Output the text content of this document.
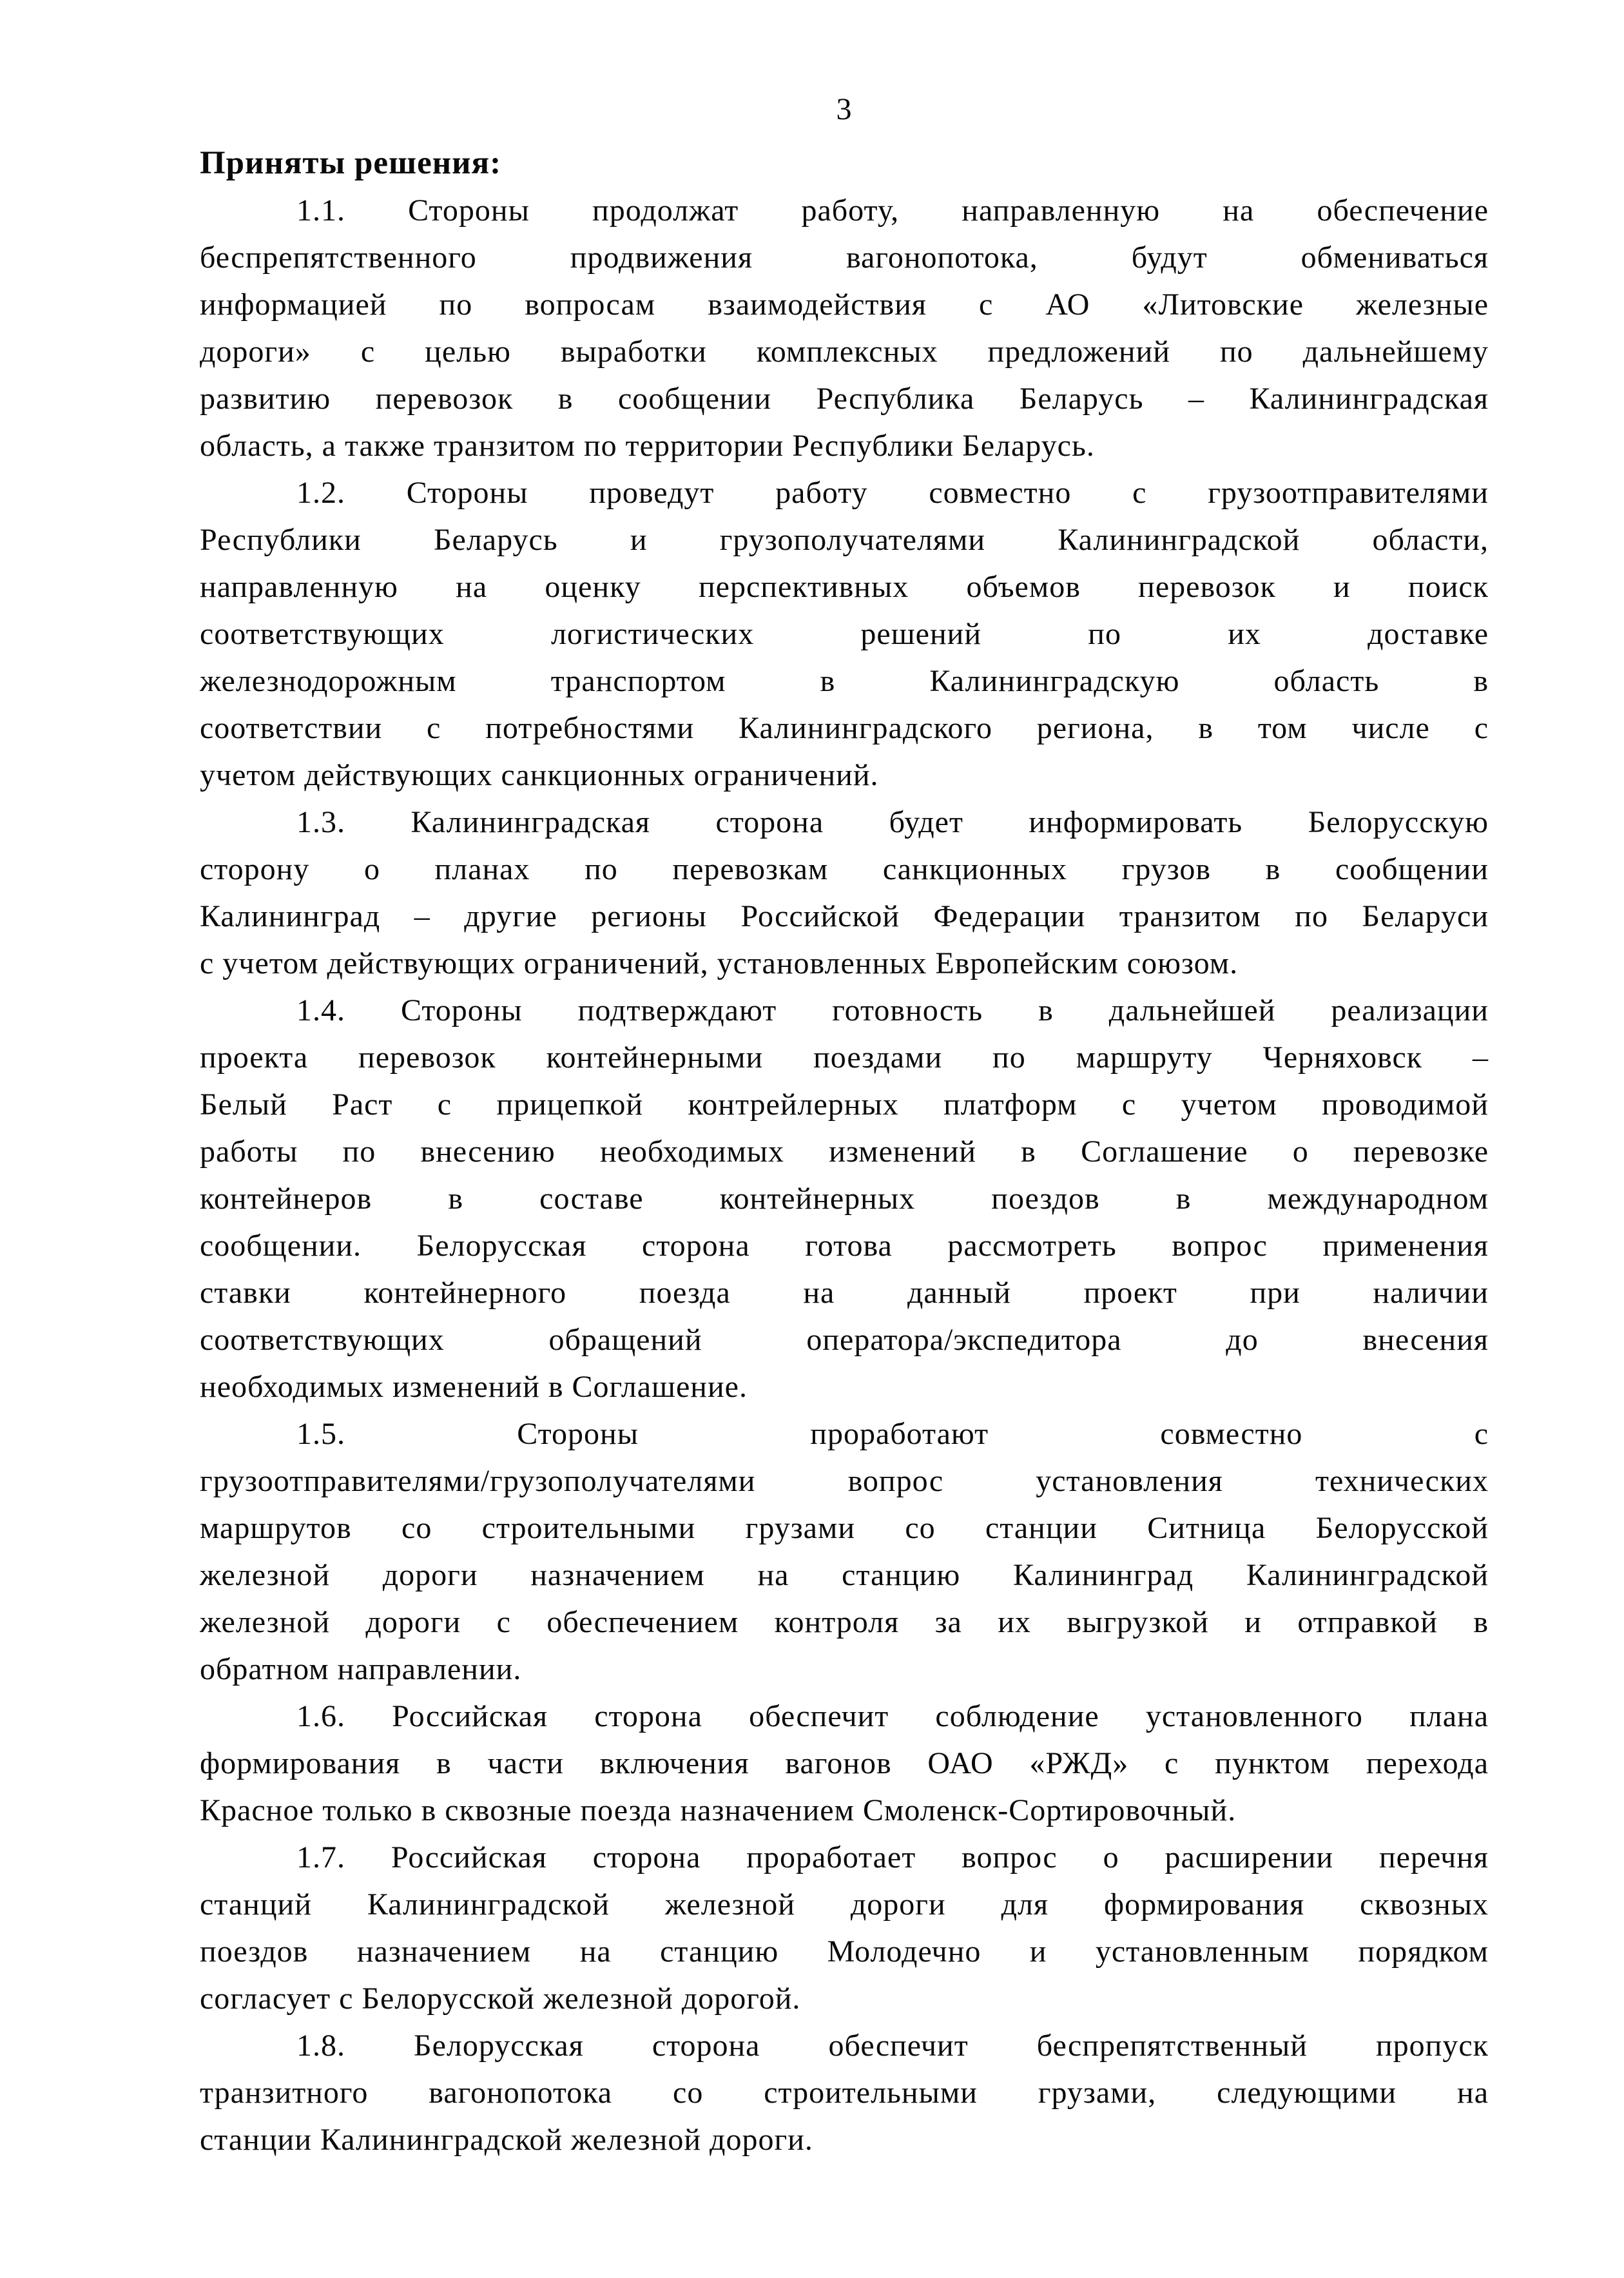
3
Приняты решения:
1.1. Стороны продолжат работу, направленную на обеспечение
беспрепятственного продвижения вагонопотока, будут обмениваться
информацией по вопросам взаимодействия с АО «Литовские железные
дороги» с целью выработки комплексных предложений по дальнейшему
развитию перевозок в сообщении Республика Беларусь – Калининградская
область, а также транзитом по территории Республики Беларусь.
1.2. Стороны проведут работу совместно с грузоотправителями
Республики Беларусь и грузополучателями Калининградской области,
направленную на оценку перспективных объемов перевозок и поиск
соответствующих логистических решений по их доставке
железнодорожным транспортом в Калининградскую область в
соответствии с потребностями Калининградского региона, в том числе с
учетом действующих санкционных ограничений.
1.3. Калининградская сторона будет информировать Белорусскую
сторону о планах по перевозкам санкционных грузов в сообщении
Калининград – другие регионы Российской Федерации транзитом по Беларуси
с учетом действующих ограничений, установленных Европейским союзом.
1.4. Стороны подтверждают готовность в дальнейшей реализации
проекта перевозок контейнерными поездами по маршруту Черняховск –
Белый Раст с прицепкой контрейлерных платформ с учетом проводимой
работы по внесению необходимых изменений в Соглашение о перевозке
контейнеров в составе контейнерных поездов в международном
сообщении. Белорусская сторона готова рассмотреть вопрос применения
ставки контейнерного поезда на данный проект при наличии
соответствующих обращений оператора/экспедитора до внесения
необходимых изменений в Соглашение.
1.5. Стороны проработают совместно с
грузоотправителями/грузополучателями вопрос установления технических
маршрутов со строительными грузами со станции Ситница Белорусской
железной дороги назначением на станцию Калининград Калининградской
железной дороги с обеспечением контроля за их выгрузкой и отправкой в
обратном направлении.
1.6. Российская сторона обеспечит соблюдение установленного плана
формирования в части включения вагонов ОАО «РЖД» с пунктом перехода
Красное только в сквозные поезда назначением Смоленск-Сортировочный.
1.7. Российская сторона проработает вопрос о расширении перечня
станций Калининградской железной дороги для формирования сквозных
поездов назначением на станцию Молодечно и установленным порядком
согласует с Белорусской железной дорогой.
1.8. Белорусская сторона обеспечит беспрепятственный пропуск
транзитного вагонопотока со строительными грузами, следующими на
станции Калининградской железной дороги.
